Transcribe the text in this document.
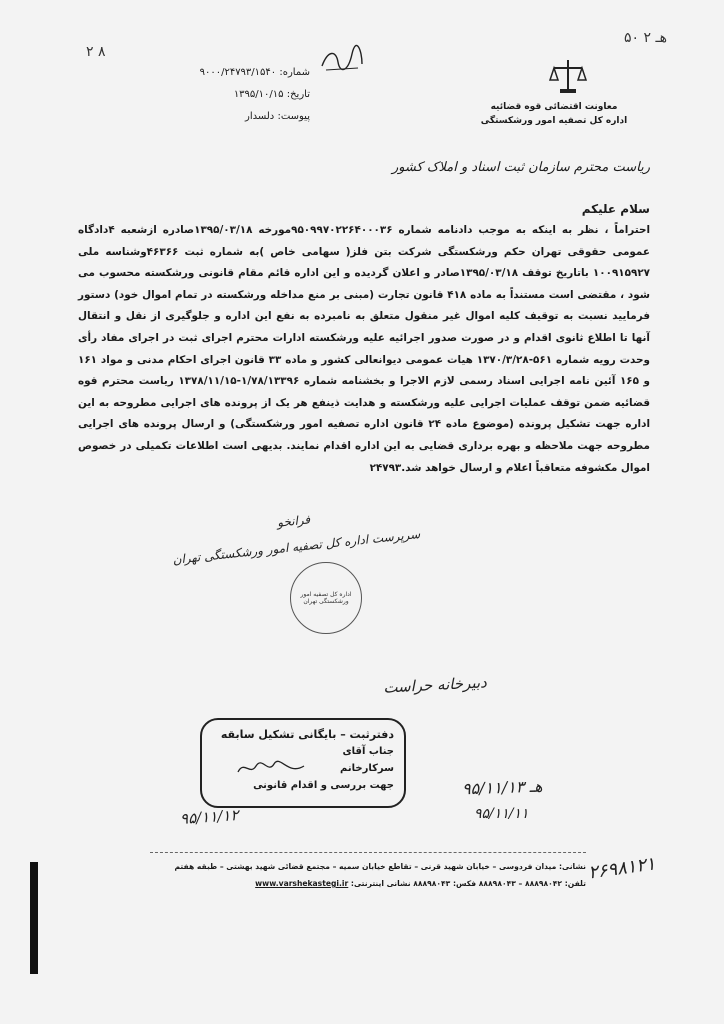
۵۰ ۲ هـ
۲ ۸
شماره: ۹۰۰۰/۲۴۷۹۳/۱۵۴۰
تاریخ: ۱۳۹۵/۱۰/۱۵
پیوست: دلسدار
معاونت اقتضائی قوه قضائیه
اداره کل تصفیه امور ورشکستگی
ریاست محترم سازمان ثبت اسناد و املاک کشور
سلام علیکم

احتراماً ، نظر به اینکه به موجب دادنامه شماره ۹۵۰۹۹۷۰۲۲۶۴۰۰۰۳۶مورخه ۱۳۹۵/۰۳/۱۸صادره ازشعبه ۴دادگاه عمومی حقوقی تهران حکم ورشکستگی شرکت بتن فلز( سهامی خاص )به شماره ثبت ۴۶۳۶۶وشناسه ملی ۱۰۰۹۱۵۹۲۷ باتاریخ توقف ۱۳۹۵/۰۳/۱۸صادر و اعلان گردیده و این اداره قائم مقام قانونی ورشکسته محسوب می شود ، مقتضی است مستنداً به ماده ۴۱۸ قانون تجارت (مبنی بر منع مداخله ورشکسته در تمام اموال خود) دستور فرمایید نسبت به توقیف کلیه اموال غیر منقول متعلق به نامبرده به نفع این اداره و جلوگیری از نقل و انتقال آنها تا اطلاع ثانوی اقدام و در صورت صدور اجرائیه علیه ورشکسته ادارات محترم اجرای ثبت در اجرای مفاد رأی وحدت رویه شماره ۵۶۱-۱۳۷۰/۳/۲۸ هیات عمومی دیوانعالی کشور و ماده ۳۳ قانون اجرای احکام مدنی و مواد ۱۶۱ و ۱۶۵ آئین نامه اجرایی اسناد رسمی لازم الاجرا و بخشنامه شماره ۱/۷۸/۱۳۳۹۶-۱۳۷۸/۱۱/۱۵ ریاست محترم قوه قضائیه ضمن توقف عملیات اجرایی علیه ورشکسته و هدایت ذینفع هر یک از پرونده های اجرایی مطروحه به این اداره جهت تشکیل پرونده (موضوع ماده ۲۴ قانون اداره تصفیه امور ورشکستگی) و ارسال پرونده های اجرایی مطروحه جهت ملاحظه و بهره برداری قضایی به این اداره اقدام نمایند. بدیهی است اطلاعات تکمیلی در خصوص اموال مکشوفه متعاقباً اعلام و ارسال خواهد شد.۲۴۷۹۳

فرانخو
سرپرست اداره کل تصفیه امور ورشکستگی تهران
اداره کل تصفیه امور ورشکستگی تهران
دبیرخانه حراست
دفترثبت – بایگانی تشکیل سابقه
جناب آقای
سرکارخانم
جهت بررسی و اقدام قانونی
۹۵/۱۱/۱۲
۹۵/۱۱/۱۳ هـ
۹۵/۱۱/۱۱
۲۶۹۸۱۲۱
نشانی: میدان فردوسی – خیابان شهید قرنی – تقاطع خیابان سمیه – مجتمع قضائی شهید بهشتی – طبقه هفتم
تلفن: ۸۸۸۹۸۰۴۲ – ۸۸۸۹۸۰۴۳ فکس: ۸۸۸۹۸۰۴۳ نشانی اینترنتی: www.varshekastegi.ir
